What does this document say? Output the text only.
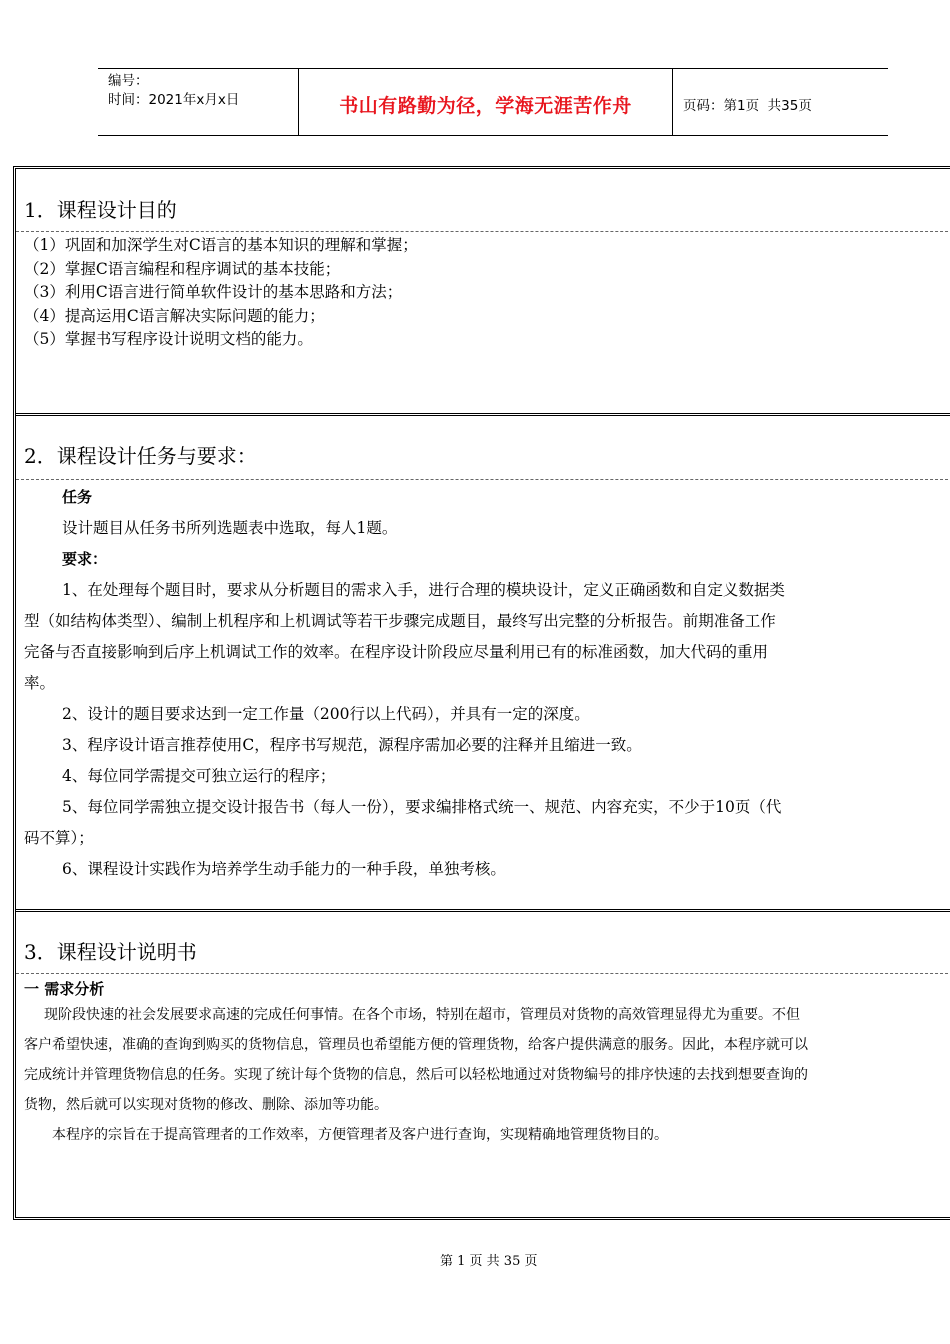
编号：
时间：2021年x月x日	书山有路勤为径，学海无涯苦作舟	页码：第1页  共35页
1．课程设计目的
（1）巩固和加深学生对C语言的基本知识的理解和掌握；
（2）掌握C语言编程和程序调试的基本技能；
（3）利用C语言进行简单软件设计的基本思路和方法；
（4）提高运用C语言解决实际问题的能力；
（5）掌握书写程序设计说明文档的能力。
2．课程设计任务与要求：
任务
设计题目从任务书所列选题表中选取，每人1题。
要求：
1、在处理每个题目时，要求从分析题目的需求入手，进行合理的模块设计，定义正确函数和自定义数据类
型（如结构体类型）、编制上机程序和上机调试等若干步骤完成题目，最终写出完整的分析报告。前期准备工作
完备与否直接影响到后序上机调试工作的效率。在程序设计阶段应尽量利用已有的标准函数，加大代码的重用
率。
2、设计的题目要求达到一定工作量（200行以上代码），并具有一定的深度。
3、程序设计语言推荐使用C，程序书写规范，源程序需加必要的注释并且缩进一致。
4、每位同学需提交可独立运行的程序；
5、每位同学需独立提交设计报告书（每人一份），要求编排格式统一、规范、内容充实，不少于10页（代
码不算）；
6、课程设计实践作为培养学生动手能力的一种手段，单独考核。
3．课程设计说明书
一 需求分析
现阶段快速的社会发展要求高速的完成任何事情。在各个市场，特别在超市，管理员对货物的高效管理显得尤为重要。不但
客户希望快速，准确的查询到购买的货物信息，管理员也希望能方便的管理货物，给客户提供满意的服务。因此，本程序就可以
完成统计并管理货物信息的任务。实现了统计每个货物的信息，然后可以轻松地通过对货物编号的排序快速的去找到想要查询的
货物，然后就可以实现对货物的修改、删除、添加等功能。
本程序的宗旨在于提高管理者的工作效率，方便管理者及客户进行查询，实现精确地管理货物目的。
第 1 页 共 35 页
